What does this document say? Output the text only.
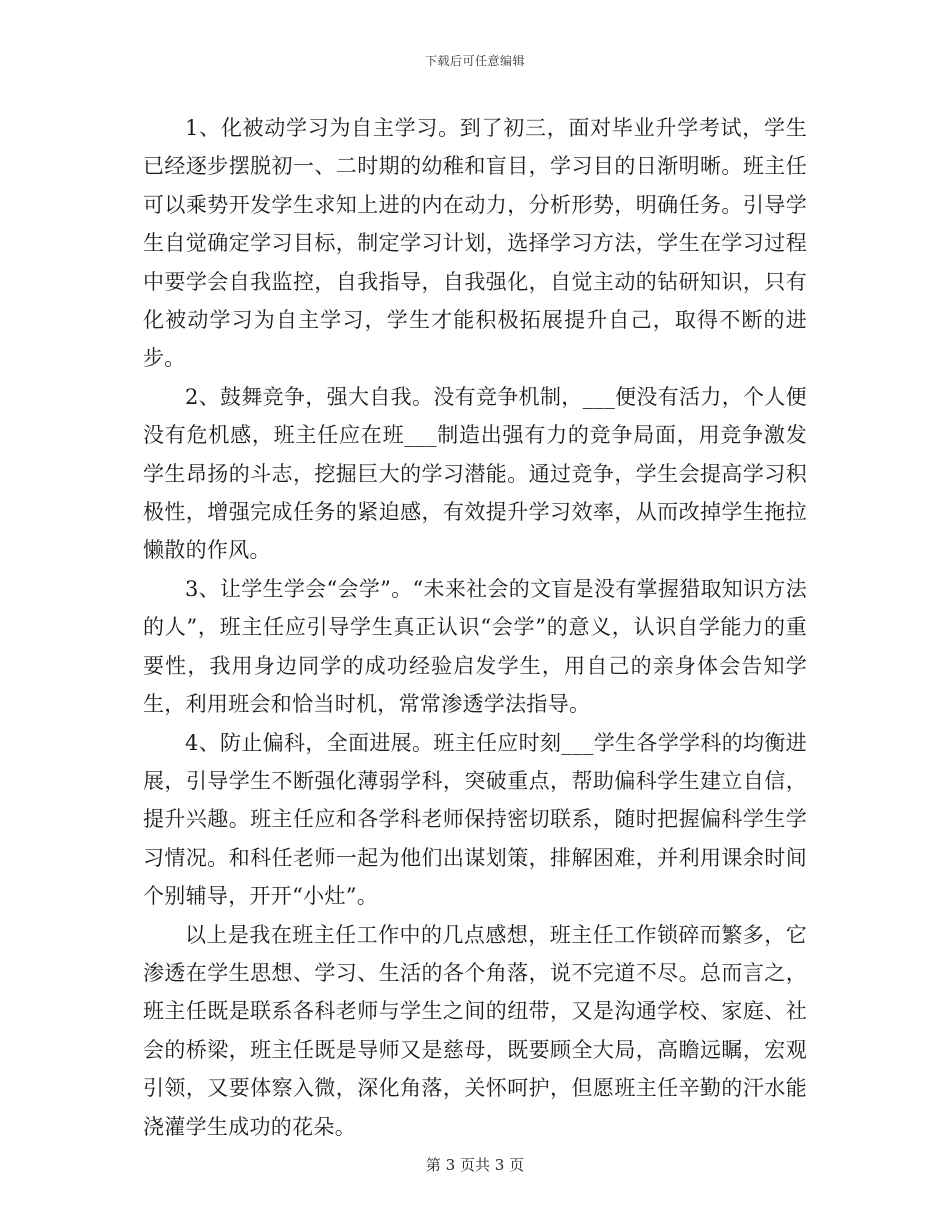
下载后可任意编辑

1、化被动学习为自主学习。到了初三，面对毕业升学考试，学生已经逐步摆脱初一、二时期的幼稚和盲目，学习目的日渐明晰。班主任可以乘势开发学生求知上进的内在动力，分析形势，明确任务。引导学生自觉确定学习目标，制定学习计划，选择学习方法，学生在学习过程中要学会自我监控，自我指导，自我强化，自觉主动的钻研知识，只有化被动学习为自主学习，学生才能积极拓展提升自己，取得不断的进步。

2、鼓舞竞争，强大自我。没有竞争机制，___便没有活力，个人便没有危机感，班主任应在班___制造出强有力的竞争局面，用竞争激发学生昂扬的斗志，挖掘巨大的学习潜能。通过竞争，学生会提高学习积极性，增强完成任务的紧迫感，有效提升学习效率，从而改掉学生拖拉懒散的作风。

3、让学生学会“会学”。“未来社会的文盲是没有掌握猎取知识方法的人”，班主任应引导学生真正认识“会学”的意义，认识自学能力的重要性，我用身边同学的成功经验启发学生，用自己的亲身体会告知学生，利用班会和恰当时机，常常渗透学法指导。

4、防止偏科，全面进展。班主任应时刻___学生各学学科的均衡进展，引导学生不断强化薄弱学科，突破重点，帮助偏科学生建立自信，提升兴趣。班主任应和各学科老师保持密切联系，随时把握偏科学生学习情况。和科任老师一起为他们出谋划策，排解困难，并利用课余时间个别辅导，开开“小灶”。

以上是我在班主任工作中的几点感想，班主任工作锁碎而繁多，它渗透在学生思想、学习、生活的各个角落，说不完道不尽。总而言之，班主任既是联系各科老师与学生之间的纽带，又是沟通学校、家庭、社会的桥梁，班主任既是导师又是慈母，既要顾全大局，高瞻远瞩，宏观引领，又要体察入微，深化角落，关怀呵护，但愿班主任辛勤的汗水能浇灌学生成功的花朵。

第 3 页共 3 页
